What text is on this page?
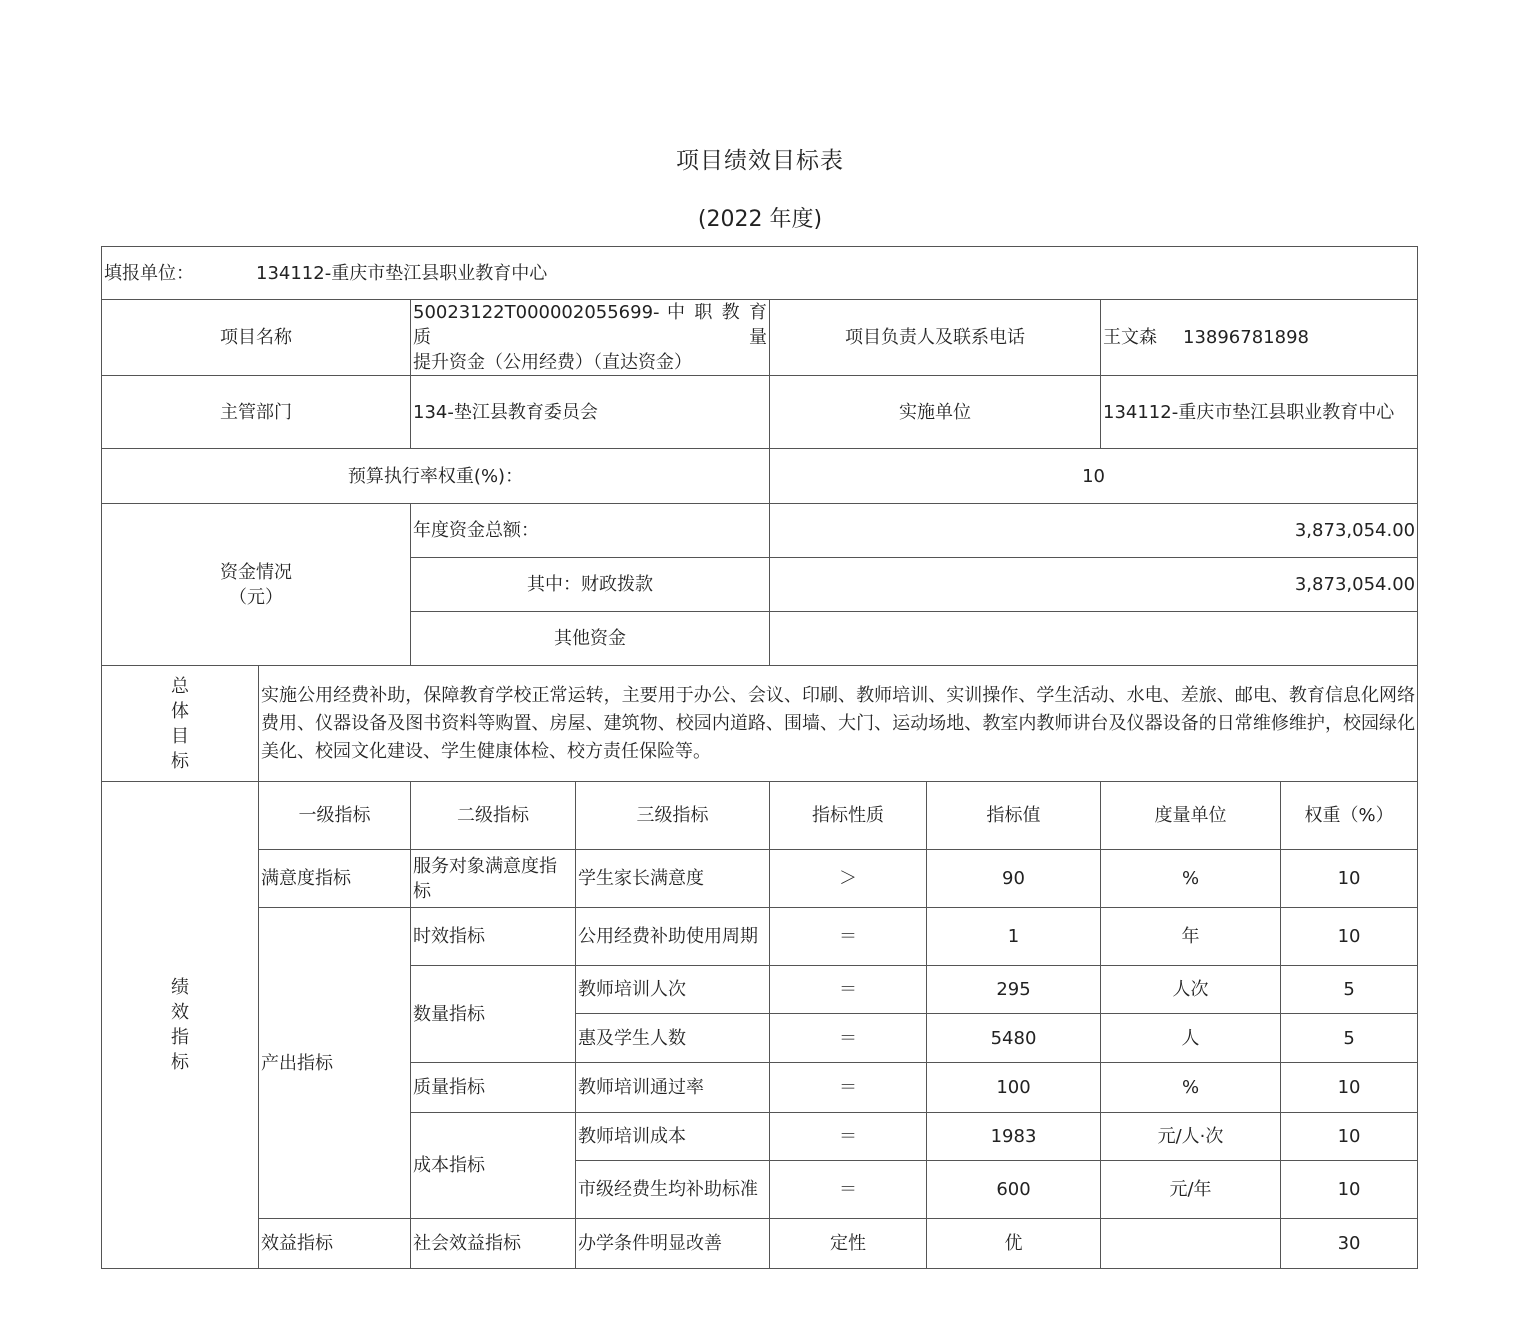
项目绩效目标表
(2022 年度)
填报单位： 134112-重庆市垫江县职业教育中心							
项目名称		50023122T000002055699- 中 职 教 育 质 量
提升资金（公用经费）（直达资金）		项目负责人及联系电话		王文森 13896781898	
主管部门		134-垫江县教育委员会		实施单位		134112-重庆市垫江县职业教育中心	
预算执行率权重(%)：				10			

资金情况
（元）		年度资金总额：		3,873,054.00			
		其中：财政拨款		3,873,054.00			
		其他资金					

总
体
目
标	实施公用经费补助，保障教育学校正常运转，主要用于办公、会议、印刷、教师培训、实训操作、学生活动、水电、差旅、邮电、教育信息化网络费用、仪器设备及图书资料等购置、房屋、建筑物、校园内道路、围墙、大门、运动场地、教室内教师讲台及仪器设备的日常维修维护，校园绿化美化、校园文化建设、学生健康体检、校方责任保险等。						

绩
效
指
标	一级指标	二级指标	三级指标	指标性质	指标值	度量单位	权重（%）
	满意度指标	服务对象满意度指标	学生家长满意度	＞	90	%	10
	产出指标	时效指标	公用经费补助使用周期	＝	1	年	10
		数量指标	教师培训人次	＝	295	人次	5
			惠及学生人数	＝	5480	人	5
		质量指标	教师培训通过率	＝	100	%	10
		成本指标	教师培训成本	＝	1983	元/人·次	10
			市级经费生均补助标准	＝	600	元/年	10
	效益指标	社会效益指标	办学条件明显改善	定性	优		30
